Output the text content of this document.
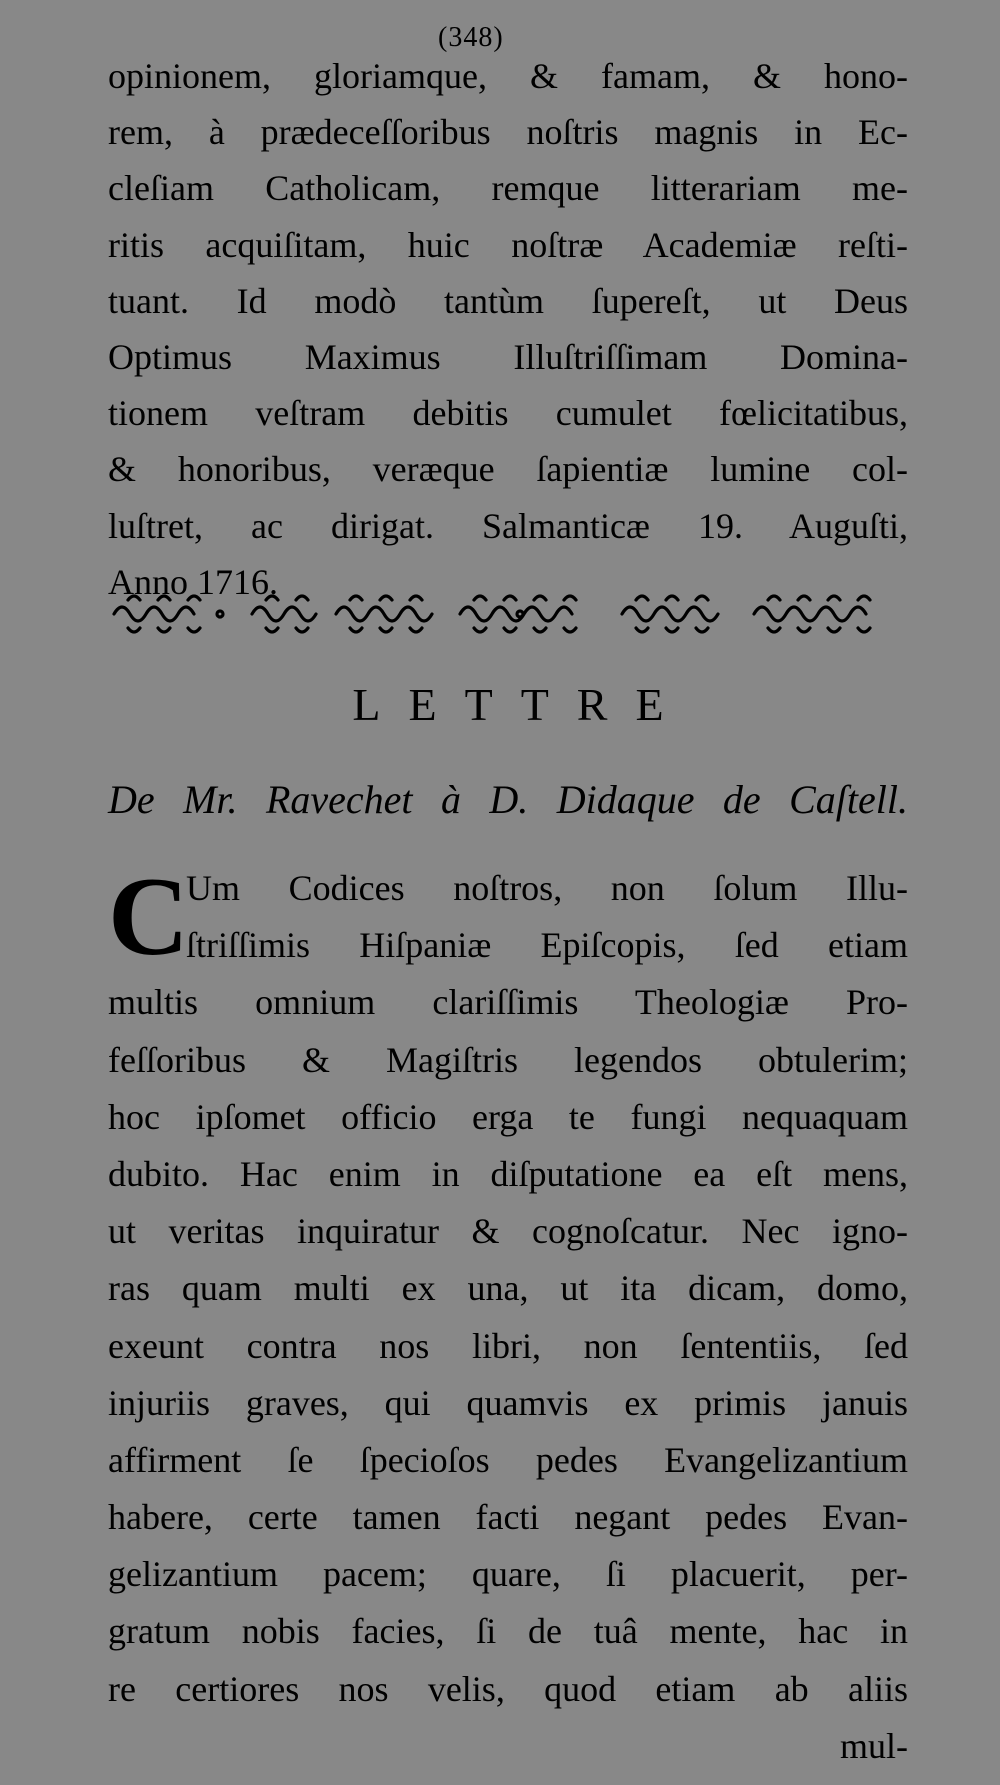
(348)
opinionem, gloriamque, & famam, & hono-
rem, à prædeceſſoribus noſtris magnis in Ec-
cleſiam Catholicam, remque litterariam me-
ritis acquiſitam, huic noſtræ Academiæ reſti-
tuant. Id modò tantùm ſupereſt, ut Deus
Optimus Maximus Illuſtriſſimam Domina-
tionem veſtram debitis cumulet fœlicitatibus,
& honoribus, veræque ſapientiæ lumine col-
luſtret, ac dirigat. Salmanticæ 19. Auguſti,
Anno 1716.
LETTRE
De Mr. Ravechet à D. Didaque de Caſtell.
C
Um Codices noſtros, non ſolum Illu-
ſtriſſimis Hiſpaniæ Epiſcopis, ſed etiam
multis omnium clariſſimis Theologiæ Pro-
feſſoribus & Magiſtris legendos obtulerim;
hoc ipſomet officio erga te fungi nequaquam
dubito. Hac enim in diſputatione ea eſt mens,
ut veritas inquiratur & cognoſcatur. Nec igno-
ras quam multi ex una, ut ita dicam, domo,
exeunt contra nos libri, non ſententiis, ſed
injuriis graves, qui quamvis ex primis januis
affirment ſe ſpecioſos pedes Evangelizantium
habere, certe tamen facti negant pedes Evan-
gelizantium pacem; quare, ſi placuerit, per-
gratum nobis facies, ſi de tuâ mente, hac in
re certiores nos velis, quod etiam ab aliis
mul-
